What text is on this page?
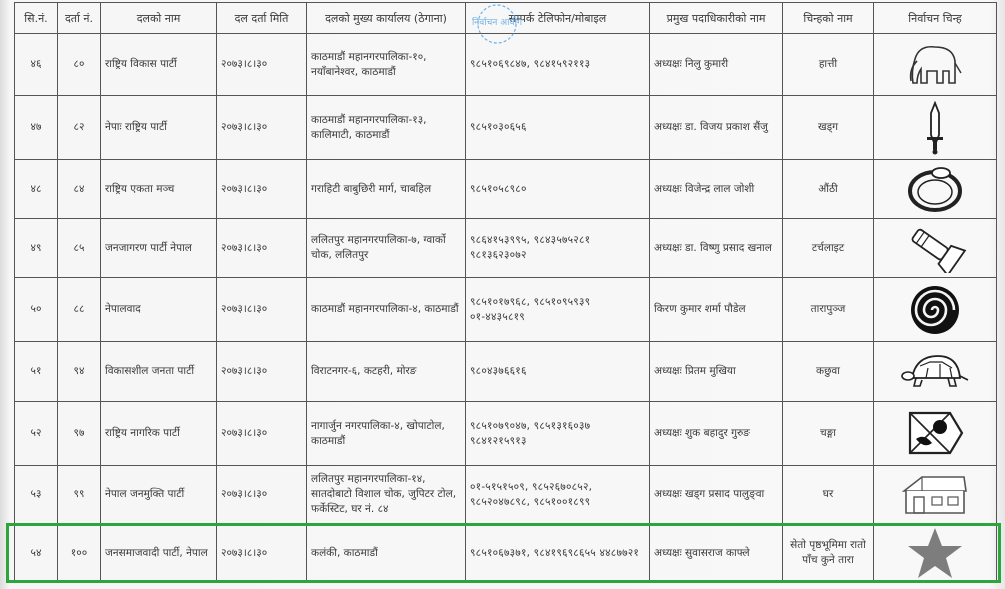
सि.नं.	दर्ता नं.	दलको नाम	दल दर्ता मिति	दलको मुख्य कार्यालय (ठेगाना)	सम्पर्क टेलिफोन/मोबाइल	प्रमुख पदाधिकारीको नाम	चिन्हको नाम	निर्वाचन चिन्ह
४६	८०	राष्ट्रिय विकास पार्टी	२०७३।८।३०	काठमाडौं महानगरपालिका-१०, नयाँबानेश्वर, काठमाडौं	९८५१०६९८४७, ९८४१५९२११३	अध्यक्षः निलु कुमारी	हात्ती	

४७	८२	नेपाः राष्ट्रिय पार्टी	२०७३।८।३०	काठमाडौं महानगरपालिका-१३, कालिमाटी, काठमाडौं	९८५१०३०६५६	अध्यक्षः डा. विजय प्रकाश सैंजु	खड्ग	

४८	८४	राष्ट्रिय एकता मञ्च	२०७३।८।३०	गराहिटी बाबुछिरी मार्ग, चाबहिल	९८५१०५८९८०	अध्यक्षः विजेन्द्र लाल जोशी	औंठी	

४९	८५	जनजागरण पार्टी नेपाल	२०७३।८।३०	ललितपुर महानगरपालिका-७, ग्वार्को चोक, ललितपुर	९८६४१५३९९५, ९८४३५७५२८१ ९८१३६२३०७२	अध्यक्षः डा. विष्णु प्रसाद खनाल	टर्चलाइट	

५०	८८	नेपालवाद	२०७३।८।३०	काठमाडौं महानगरपालिका-४, काठमाडौं	९८५१०१७९६८, ९८५१०९५९३९ ०१-४४३५८१९	किरण कुमार शर्मा पौडेल	तारापुञ्ज	

५१	९४	विकासशील जनता पार्टी	२०७३।८।३०	विराटनगर-६, कटहरी, मोरङ	९८०४३७६६१६	अध्यक्षः प्रितम मुखिया	कछुवा	

५२	९७	राष्ट्रिय नागरिक पार्टी	२०७३।८।३०	नागार्जुन नगरपालिका-४, खोपाटोल, काठमाडौं	९८५१०७९०४७, ९८५१३१६०३७ ९८४१२१५९१३	अध्यक्षः शुक बहादुर गुरुङ	चङ्गा	

५३	९९	नेपाल जनमुक्ति पार्टी	२०७३।८।३०	ललितपुर महानगरपालिका-१४, सातदोबाटो विशाल चोक, जुपिटर टोल, फर्केस्टिट, घर नं. ८४	०१-५१५१५०९, ९८५२६७०८५२, ९८५२०४७८९८, ९८५१००१८९९	अध्यक्षः खड्ग प्रसाद पालुङ्वा	घर	

५४	१००	जनसमाजवादी पार्टी, नेपाल	२०७३।८।३०	कलंकी, काठमाडौं	९८५१०६७३७१, ९८४१९६९८६५५ ४४८७७२१	अध्यक्षः सुवासराज काफ्ले	सेतो पृष्ठभूमिमा रातो पाँच कुने तारा	
निर्वाचन आयोग
